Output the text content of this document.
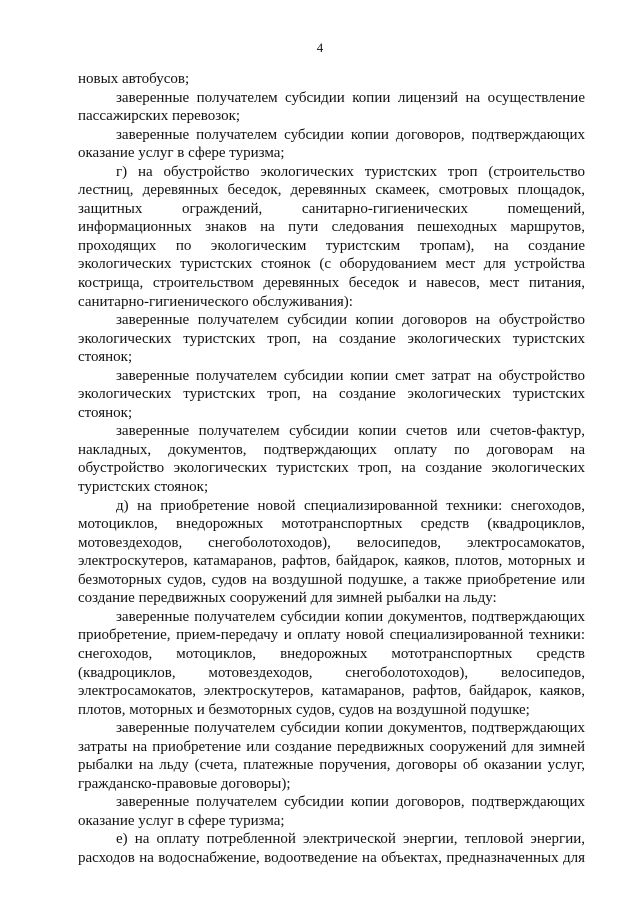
4

новых автобусов;

заверенные получателем субсидии копии лицензий на осуществление пассажирских перевозок;

заверенные получателем субсидии копии договоров, подтверждающих оказание услуг в сфере туризма;

г) на обустройство экологических туристских троп (строительство лестниц, деревянных беседок, деревянных скамеек, смотровых площадок, защитных ограждений, санитарно-гигиенических помещений, информационных знаков на пути следования пешеходных маршрутов, проходящих по экологическим туристским тропам), на создание экологических туристских стоянок (с оборудованием мест для устройства кострища, строительством деревянных беседок и навесов, мест питания, санитарно-гигиенического обслуживания):

заверенные получателем субсидии копии договоров на обустройство экологических туристских троп, на создание экологических туристских стоянок;

заверенные получателем субсидии копии смет затрат на обустройство экологических туристских троп, на создание экологических туристских стоянок;

заверенные получателем субсидии копии счетов или счетов-фактур, накладных, документов, подтверждающих оплату по договорам на обустройство экологических туристских троп, на создание экологических туристских стоянок;

д) на приобретение новой специализированной техники: снегоходов, мотоциклов, внедорожных мототранспортных средств (квадроциклов, мотовездеходов, снегоболотоходов), велосипедов, электросамокатов, электроскутеров, катамаранов, рафтов, байдарок, каяков, плотов, моторных и безмоторных судов, судов на воздушной подушке, а также приобретение или создание передвижных сооружений для зимней рыбалки на льду:

заверенные получателем субсидии копии документов, подтверждающих приобретение, прием-передачу и оплату новой специализированной техники: снегоходов, мотоциклов, внедорожных мототранспортных средств (квадроциклов, мотовездеходов, снегоболотоходов), велосипедов, электросамокатов, электроскутеров, катамаранов, рафтов, байдарок, каяков, плотов, моторных и безмоторных судов, судов на воздушной подушке;

заверенные получателем субсидии копии документов, подтверждающих затраты на приобретение или создание передвижных сооружений для зимней рыбалки на льду (счета, платежные поручения, договоры об оказании услуг, гражданско-правовые договоры);

заверенные получателем субсидии копии договоров, подтверждающих оказание услуг в сфере туризма;

е) на оплату потребленной электрической энергии, тепловой энергии, расходов на водоснабжение, водоотведение на объектах, предназначенных для
